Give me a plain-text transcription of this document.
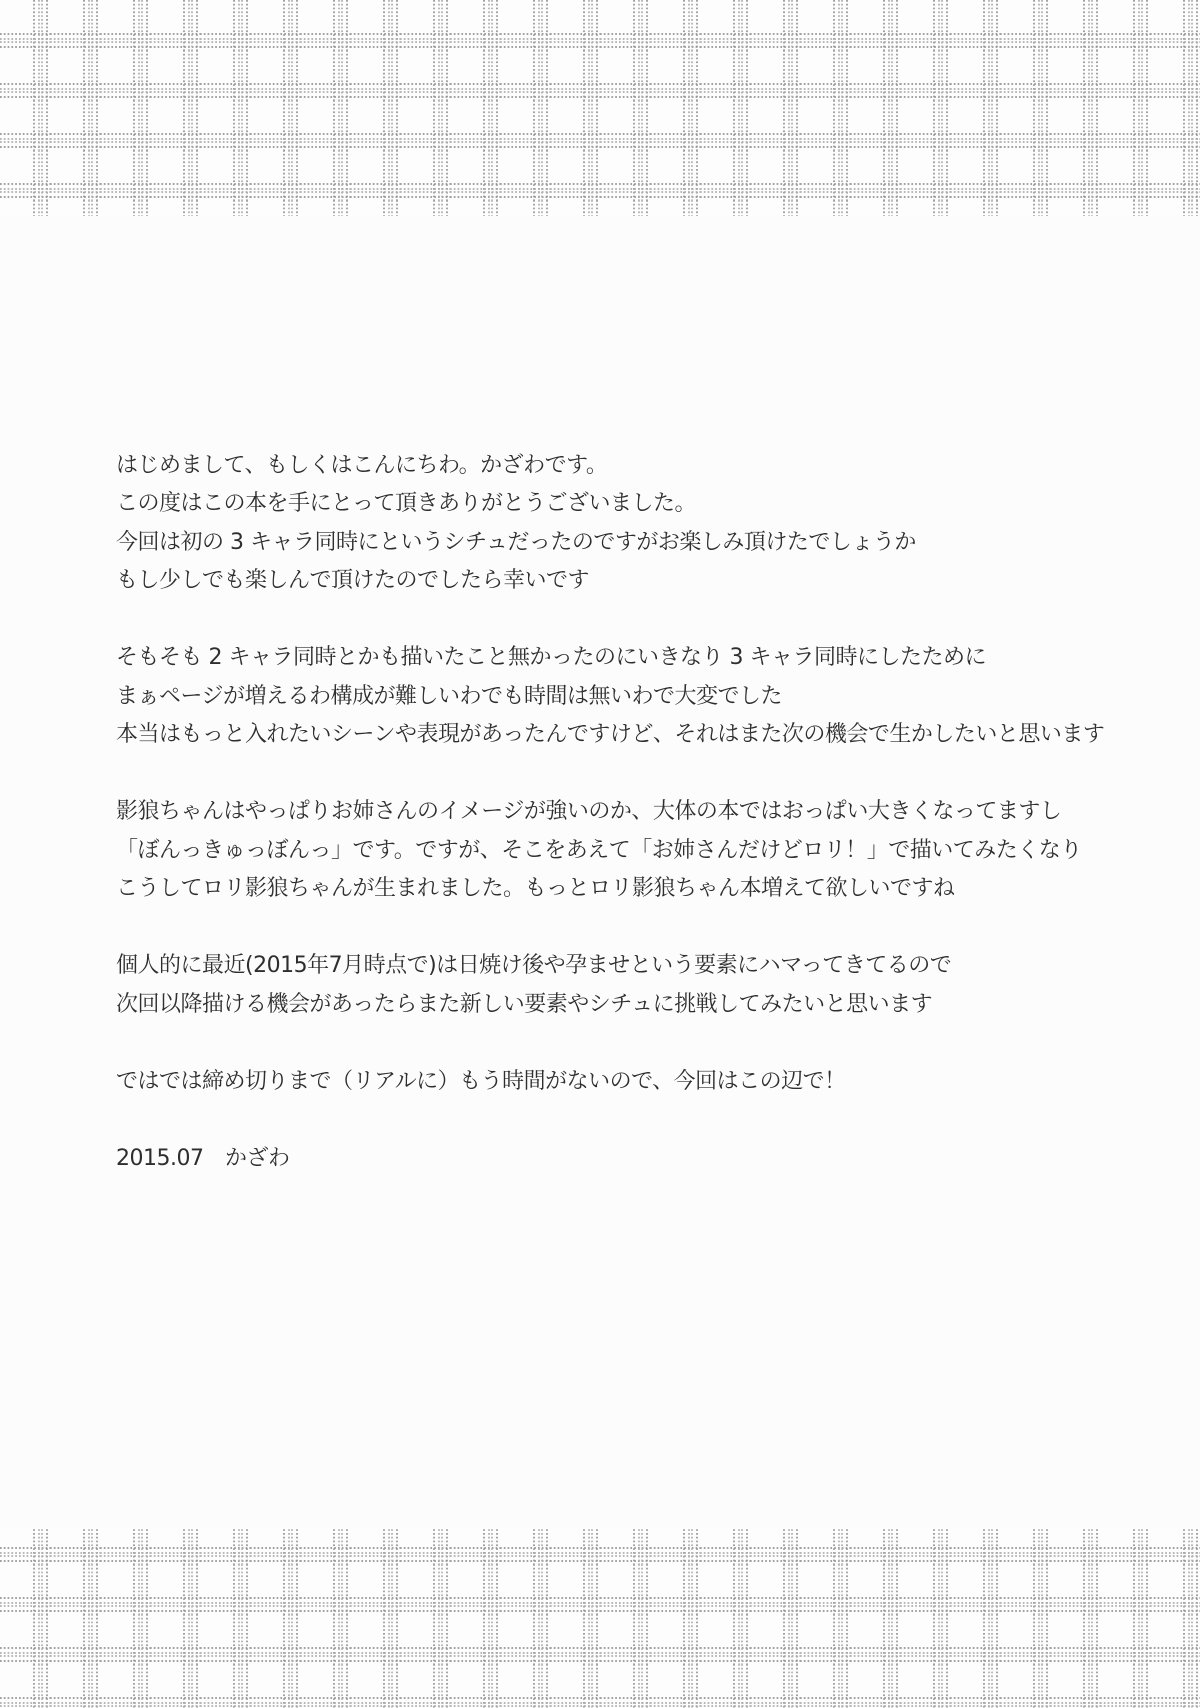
はじめまして、もしくはこんにちわ。かざわです。
この度はこの本を手にとって頂きありがとうございました。
今回は初の 3 キャラ同時にというシチュだったのですがお楽しみ頂けたでしょうか
もし少しでも楽しんで頂けたのでしたら幸いです
そもそも 2 キャラ同時とかも描いたこと無かったのにいきなり 3 キャラ同時にしたために
まぁページが増えるわ構成が難しいわでも時間は無いわで大変でした
本当はもっと入れたいシーンや表現があったんですけど、それはまた次の機会で生かしたいと思います
影狼ちゃんはやっぱりお姉さんのイメージが強いのか、大体の本ではおっぱい大きくなってますし
「ぼんっきゅっぼんっ」です。ですが、そこをあえて「お姉さんだけどロリ！」で描いてみたくなり
こうしてロリ影狼ちゃんが生まれました。もっとロリ影狼ちゃん本増えて欲しいですね
個人的に最近(2015年7月時点で)は日焼け後や孕ませという要素にハマってきてるので
次回以降描ける機会があったらまた新しい要素やシチュに挑戦してみたいと思います
ではでは締め切りまで（リアルに）もう時間がないので、今回はこの辺で！
2015.07　かざわ
